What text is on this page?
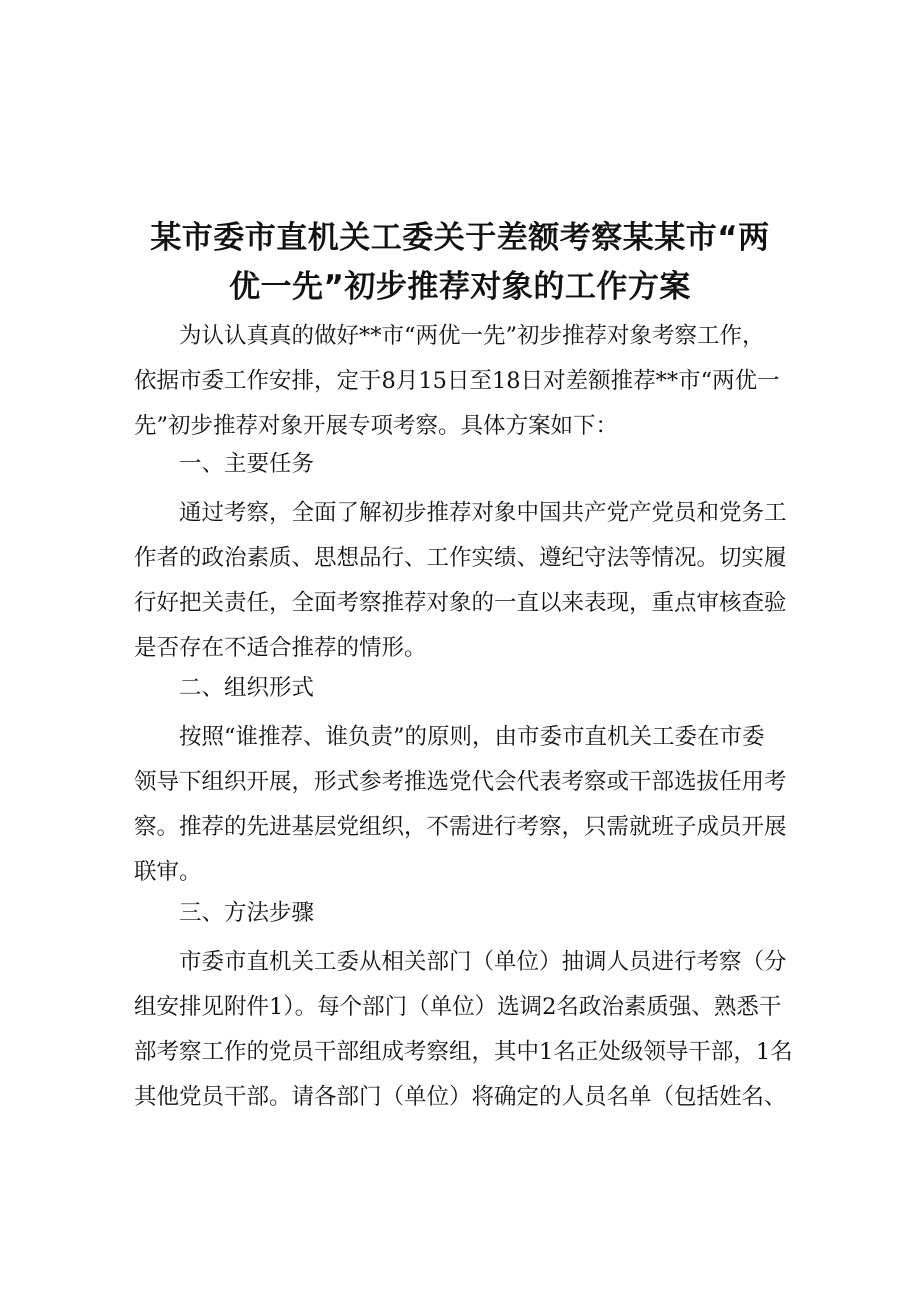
某市委市直机关工委关于差额考察某某市“两
优一先”初步推荐对象的工作方案
为认认真真的做好**市“两优一先”初步推荐对象考察工作，
依据市委工作安排，定于8月15日至18日对差额推荐**市“两优一
先”初步推荐对象开展专项考察。具体方案如下：
一、主要任务
通过考察，全面了解初步推荐对象中国共产党产党员和党务工
作者的政治素质、思想品行、工作实绩、遵纪守法等情况。切实履
行好把关责任，全面考察推荐对象的一直以来表现，重点审核查验
是否存在不适合推荐的情形。
二、组织形式
按照“谁推荐、谁负责”的原则，由市委市直机关工委在市委
领导下组织开展，形式参考推选党代会代表考察或干部选拔任用考
察。推荐的先进基层党组织，不需进行考察，只需就班子成员开展
联审。
三、方法步骤
市委市直机关工委从相关部门（单位）抽调人员进行考察（分
组安排见附件1）。每个部门（单位）选调2名政治素质强、熟悉干
部考察工作的党员干部组成考察组，其中1名正处级领导干部，1名
其他党员干部。请各部门（单位）将确定的人员名单（包括姓名、
